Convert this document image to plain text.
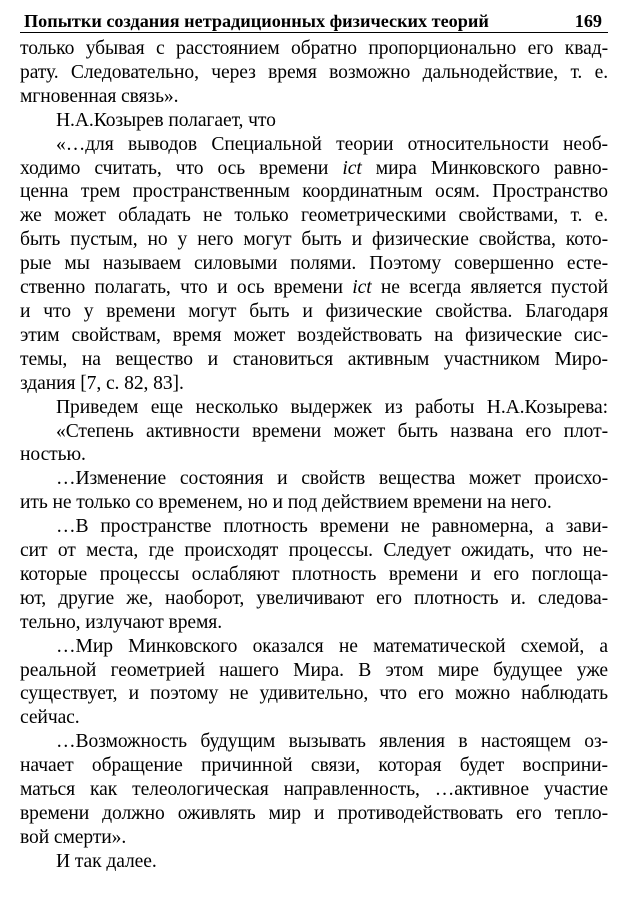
Попытки создания нетрадиционных физических теорий	169
только убывая с расстоянием обратно пропорционально его квад-
рату. Следовательно, через время возможно дальнодействие, т. е.
мгновенная связь».
Н.А.Козырев полагает, что
«…для выводов Специальной теории относительности необ-
ходимо считать, что ось времени ict мира Минковского равно-
ценна трем пространственным координатным осям. Пространство
же может обладать не только геометрическими свойствами, т. е.
быть пустым, но у него могут быть и физические свойства, кото-
рые мы называем силовыми полями. Поэтому совершенно есте-
ственно полагать, что и ось времени ict не всегда является пустой
и что у времени могут быть и физические свойства. Благодаря
этим свойствам, время может воздействовать на физические сис-
темы, на вещество и становиться активным участником Миро-
здания [7, с. 82, 83].
Приведем еще несколько выдержек из работы Н.А.Козырева:
«Степень активности времени может быть названа его плот-
ностью.
…Изменение состояния и свойств вещества может происхо-
ить не только со временем, но и под действием времени на него.
…В пространстве плотность времени не равномерна, а зави-
сит от места, где происходят процессы. Следует ожидать, что не-
которые процессы ослабляют плотность времени и его поглоща-
ют, другие же, наоборот, увеличивают его плотность и. следова-
тельно, излучают время.
…Мир Минковского оказался не математической схемой, а
реальной геометрией нашего Мира. В этом мире будущее уже
существует, и поэтому не удивительно, что его можно наблюдать
сейчас.
…Возможность будущим вызывать явления в настоящем оз-
начает обращение причинной связи, которая будет восприни-
маться как телеологическая направленность, …активное участие
времени должно оживлять мир и противодействовать его тепло-
вой смерти».
И так далее.
